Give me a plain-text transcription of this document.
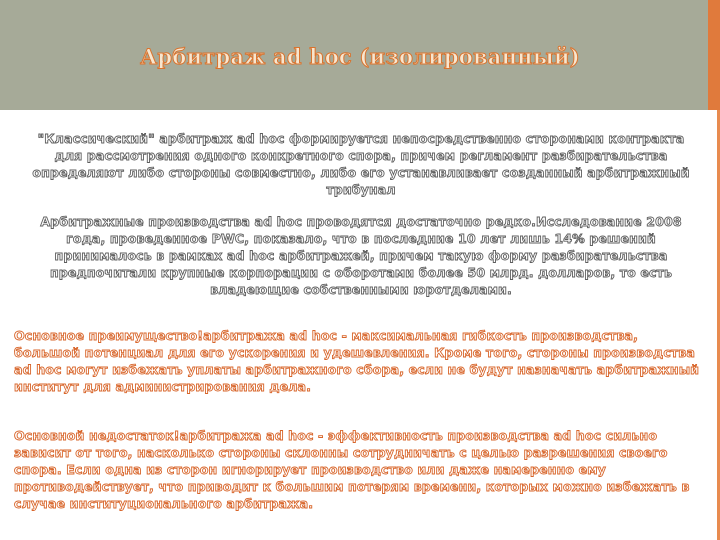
Арбитраж ad hoc (изолированный)

"Классический" арбитраж ad hoc формируется непосредственно сторонами контракта для рассмотрения одного конкретного спора, причем регламент разбирательства определяют либо стороны совместно, либо его устанавливает созданный арбитражный трибунал

Арбитражные производства ad hoc проводятся достаточно редко.Исследование 2008 года, проведенное PWC, показало, что в последние 10 лет лишь 14% решений принималось в рамках ad hoc арбитражей, причем такую форму разбирательства предпочитали крупные корпорации с оборотами более 50 млрд. долларов, то есть владеющие собственными юротделами.

Основное преимущество!арбитража ad hoc - максимальная гибкость производства, большой потенциал для его ускорения и удешевления. Кроме того, стороны производства ad hoc могут избежать уплаты арбитражного сбора, если не будут назначать арбитражный институт для администрирования дела.

Основной недостаток!арбитража ad hoc - эффективность производства ad hoc сильно зависит от того, насколько стороны склонны сотрудничать с целью разрешения своего спора. Если одна из сторон игнорирует производство или даже намеренно ему противодействует, что приводит к большим потерям времени, которых можно избежать в случае институционального арбитража.
